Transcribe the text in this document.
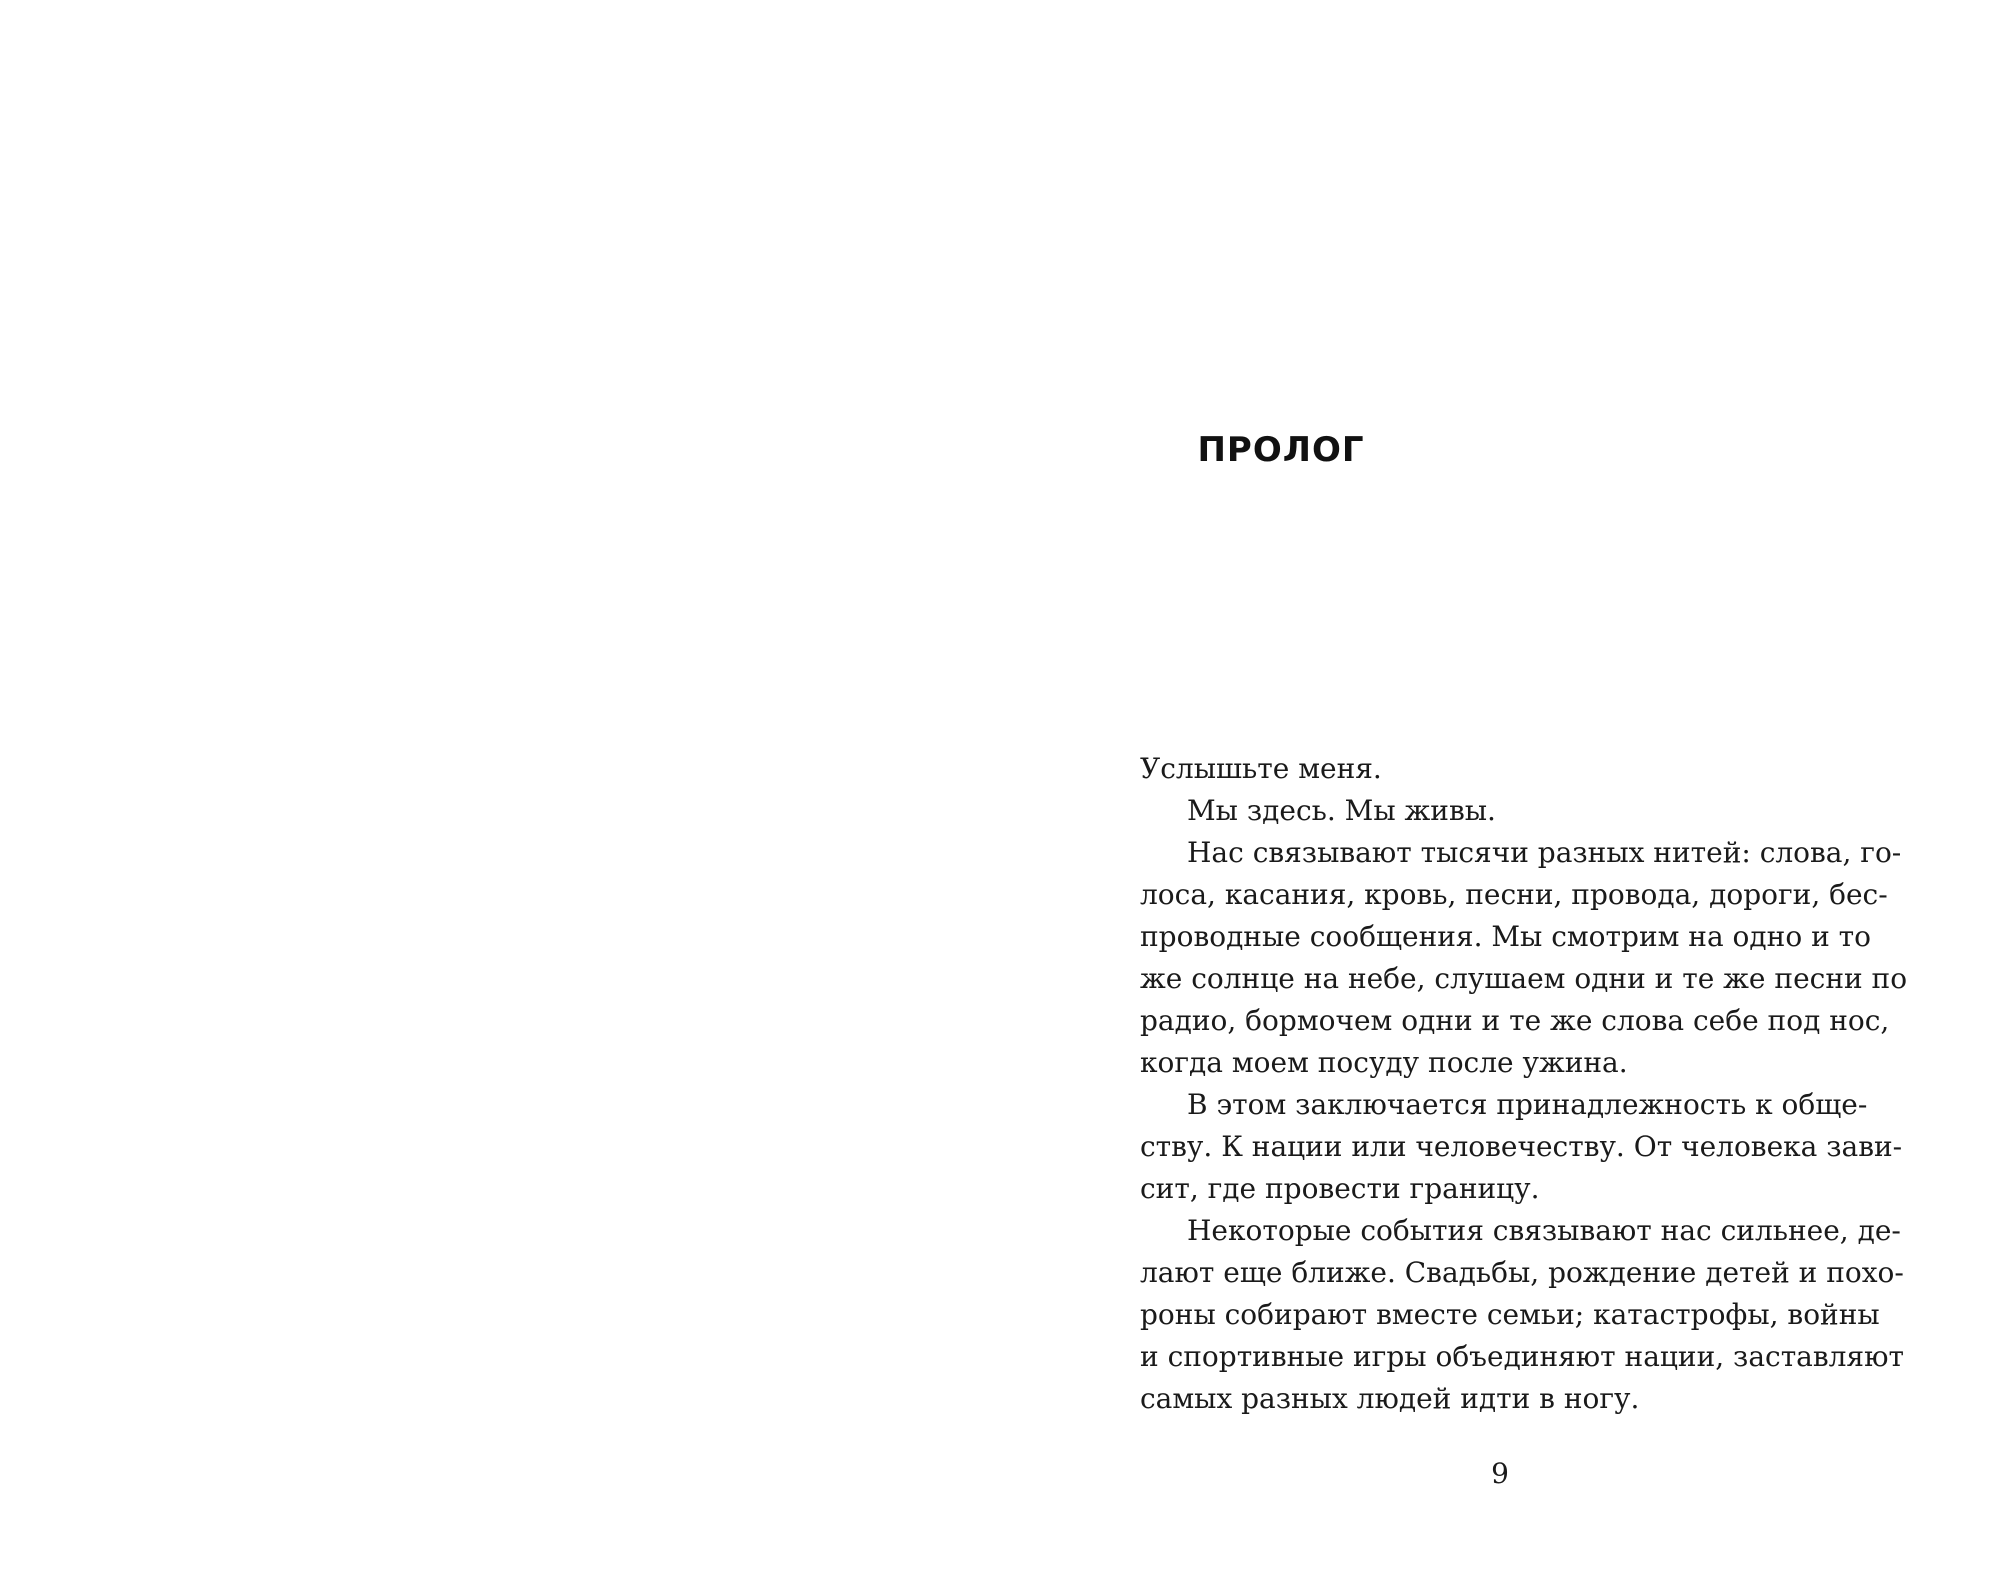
ПРОЛОГ
Услышьте меня.
Мы здесь. Мы живы.
Нас связывают тысячи разных нитей: слова, го-
лоса, касания, кровь, песни, провода, дороги, бес-
проводные сообщения. Мы смотрим на одно и то
же солнце на небе, слушаем одни и те же песни по
радио, бормочем одни и те же слова себе под нос,
когда моем посуду после ужина.
В этом заключается принадлежность к обще-
ству. К нации или человечеству. От человека зави-
сит, где провести границу.
Некоторые события связывают нас сильнее, де-
лают еще ближе. Свадьбы, рождение детей и похо-
роны собирают вместе семьи; катастрофы, войны
и спортивные игры объединяют нации, заставляют
самых разных людей идти в ногу.

9
